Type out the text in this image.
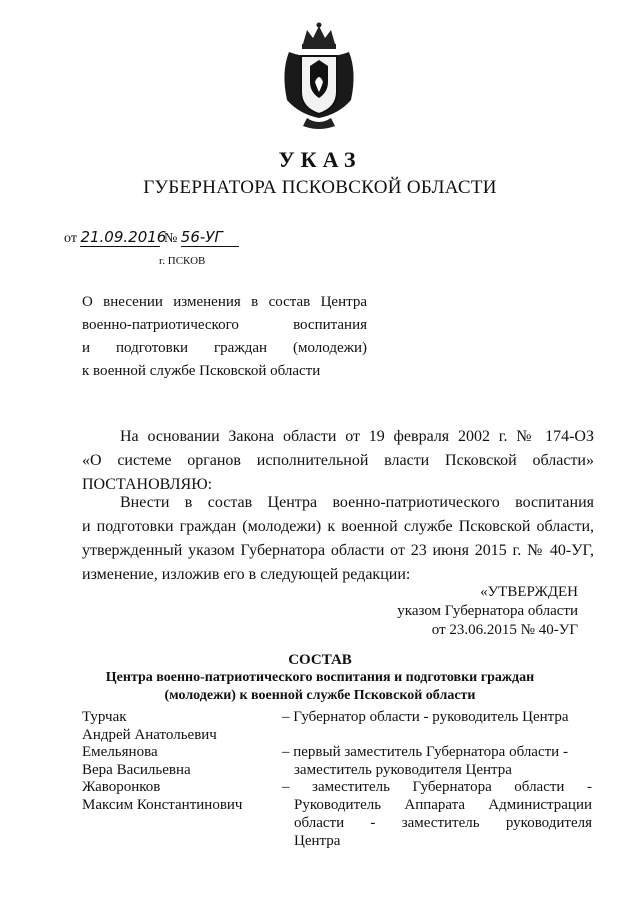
УКАЗ
ГУБЕРНАТОРА ПСКОВСКОЙ ОБЛАСТИ
от 21.09.2016 № 56-УГ
г. ПСКОВ
О внесении изменения в состав Центра
военно-патриотического воспитания
и подготовки граждан (молодежи)
к военной службе Псковской области
На основании Закона области от 19 февраля 2002 г. № 174-ОЗ
«О системе органов исполнительной власти Псковской области»
ПОСТАНОВЛЯЮ:
Внести в состав Центра военно-патриотического воспитания
и подготовки граждан (молодежи) к военной службе Псковской области,
утвержденный указом Губернатора области от 23 июня 2015 г. № 40-УГ,
изменение, изложив его в следующей редакции:
«УТВЕРЖДЕН
указом Губернатора области
от 23.06.2015 № 40-УГ
СОСТАВ
Центра военно-патриотического воспитания и подготовки граждан
(молодежи) к военной службе Псковской области
Турчак
Андрей Анатольевич
– Губернатор области - руководитель Центра
Емельянова
Вера Васильевна
– первый заместитель Губернатора области -
заместитель руководителя Центра
Жаворонков
Максим Константинович
– заместитель Губернатора области -
Руководитель Аппарата Администрации
области - заместитель руководителя
Центра
